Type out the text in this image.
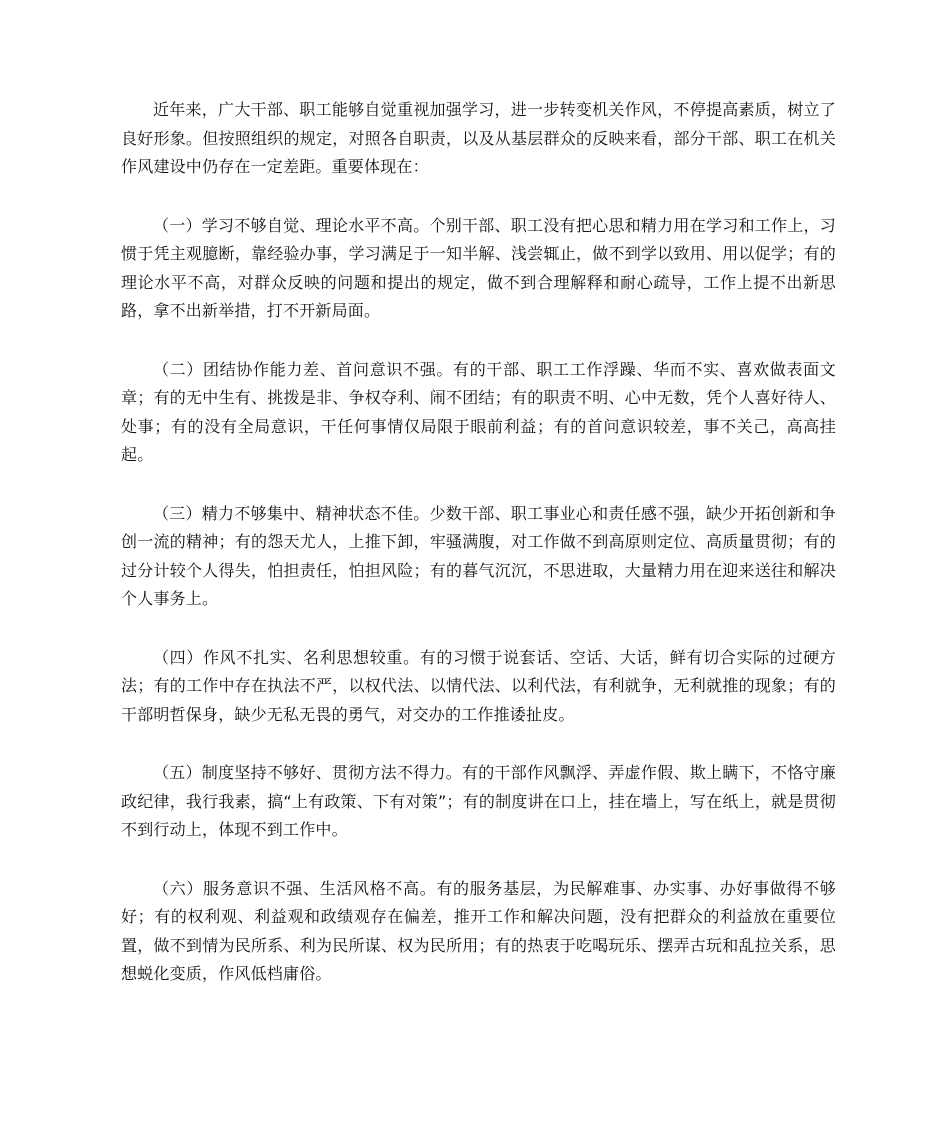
近年来，广大干部、职工能够自觉重视加强学习，进一步转变机关作风，不停提高素质，树立了良好形象。但按照组织的规定，对照各自职责，以及从基层群众的反映来看，部分干部、职工在机关作风建设中仍存在一定差距。重要体现在：

（一）学习不够自觉、理论水平不高。个别干部、职工没有把心思和精力用在学习和工作上，习惯于凭主观臆断，靠经验办事，学习满足于一知半解、浅尝辄止，做不到学以致用、用以促学；有的理论水平不高，对群众反映的问题和提出的规定，做不到合理解释和耐心疏导，工作上提不出新思路，拿不出新举措，打不开新局面。

（二）团结协作能力差、首问意识不强。有的干部、职工工作浮躁、华而不实、喜欢做表面文章；有的无中生有、挑拨是非、争权夺利、闹不团结；有的职责不明、心中无数，凭个人喜好待人、处事；有的没有全局意识，干任何事情仅局限于眼前利益；有的首问意识较差，事不关己，高高挂起。

（三）精力不够集中、精神状态不佳。少数干部、职工事业心和责任感不强，缺少开拓创新和争创一流的精神；有的怨天尤人，上推下卸，牢骚满腹，对工作做不到高原则定位、高质量贯彻；有的过分计较个人得失，怕担责任，怕担风险；有的暮气沉沉，不思进取，大量精力用在迎来送往和解决个人事务上。

（四）作风不扎实、名利思想较重。有的习惯于说套话、空话、大话，鲜有切合实际的过硬方法；有的工作中存在执法不严，以权代法、以情代法、以利代法，有利就争，无利就推的现象；有的干部明哲保身，缺少无私无畏的勇气，对交办的工作推诿扯皮。

（五）制度坚持不够好、贯彻方法不得力。有的干部作风飘浮、弄虚作假、欺上瞒下，不恪守廉政纪律，我行我素，搞“上有政策、下有对策”；有的制度讲在口上，挂在墙上，写在纸上，就是贯彻不到行动上，体现不到工作中。

（六）服务意识不强、生活风格不高。有的服务基层，为民解难事、办实事、办好事做得不够好；有的权利观、利益观和政绩观存在偏差，推开工作和解决问题，没有把群众的利益放在重要位置，做不到情为民所系、利为民所谋、权为民所用；有的热衷于吃喝玩乐、摆弄古玩和乱拉关系，思想蜕化变质，作风低档庸俗。
